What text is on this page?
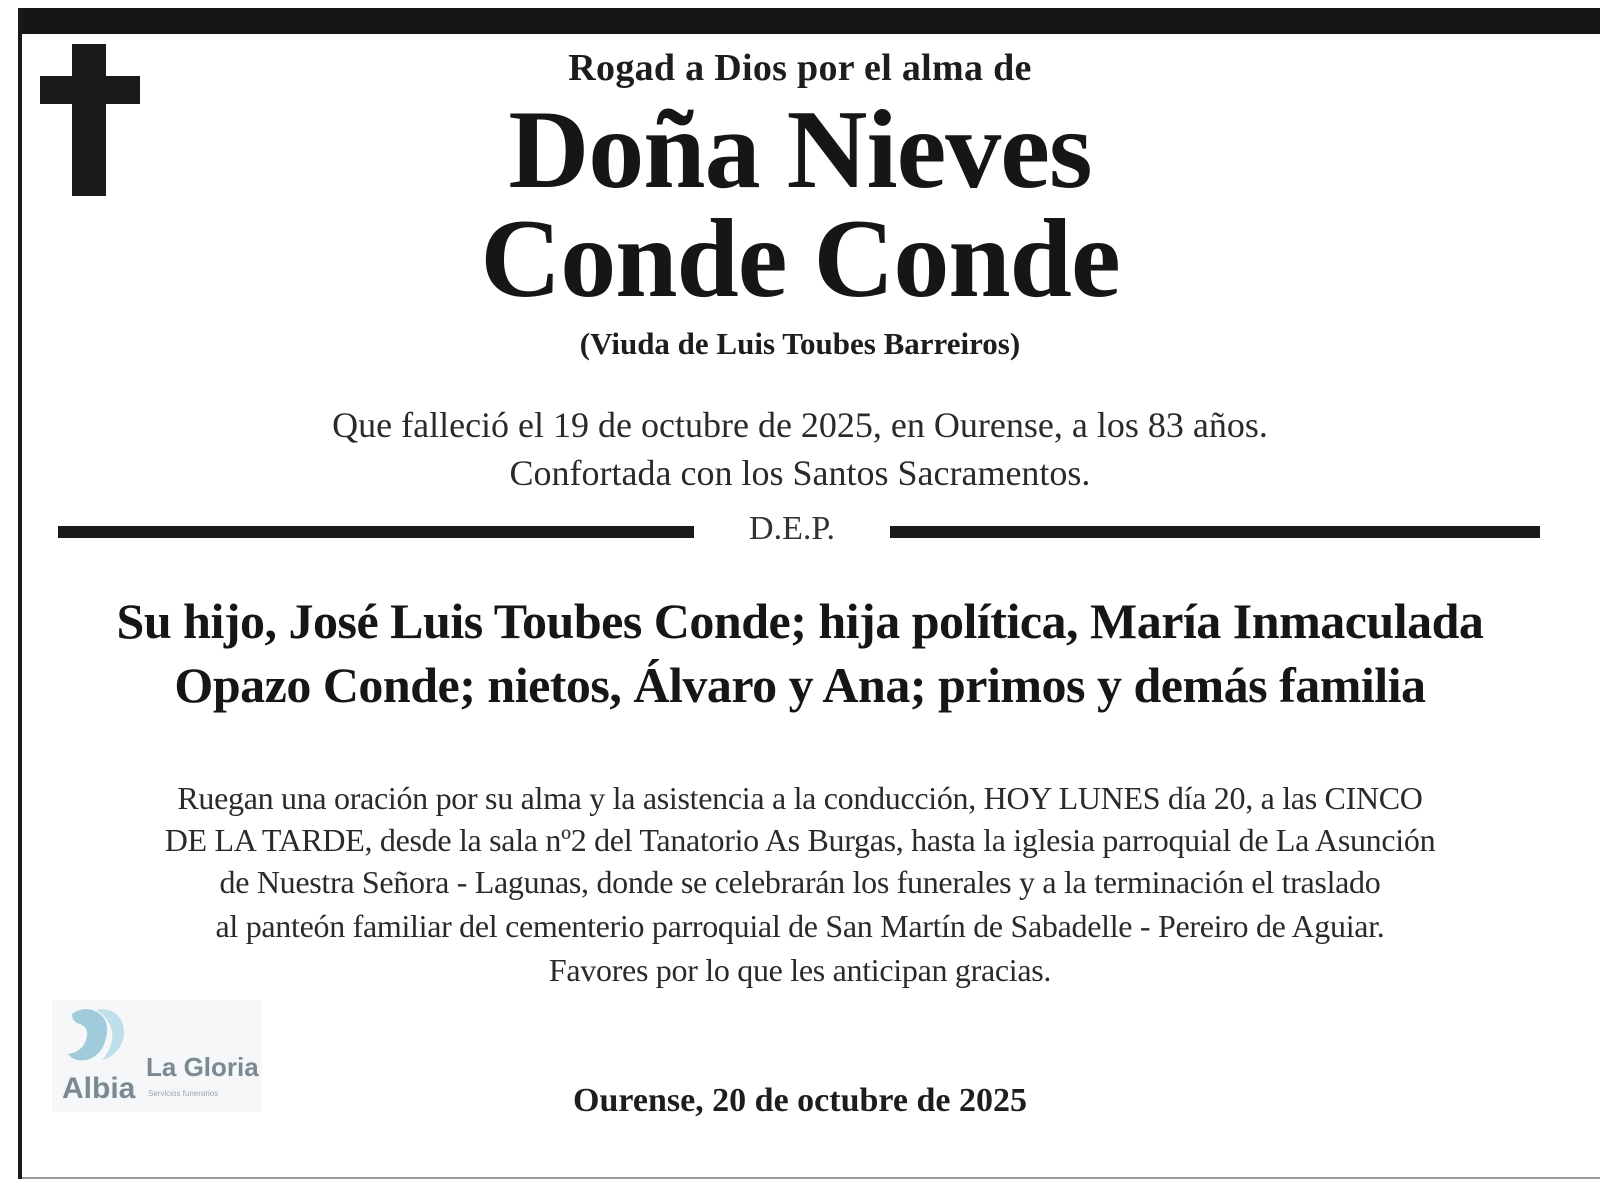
Rogad a Dios por el alma de
Doña Nieves
Conde Conde
(Viuda de Luis Toubes Barreiros)
Que falleció el 19 de octubre de 2025, en Ourense, a los 83 años.
Confortada con los Santos Sacramentos.
D.E.P.
Su hijo, José Luis Toubes Conde; hija política, María Inmaculada
Opazo Conde; nietos, Álvaro y Ana; primos y demás familia
Ruegan una oración por su alma y la asistencia a la conducción, HOY LUNES día 20, a las CINCO
DE LA TARDE, desde la sala nº2 del Tanatorio As Burgas, hasta la iglesia parroquial de La Asunción
de Nuestra Señora - Lagunas, donde se celebrarán los funerales y a la terminación el traslado
al panteón familiar del cementerio parroquial de San Martín de Sabadelle - Pereiro de Aguiar.
Favores por lo que les anticipan gracias.
Albia
La Gloria
Servicios funerarios	Ourense, 20 de octubre de 2025
